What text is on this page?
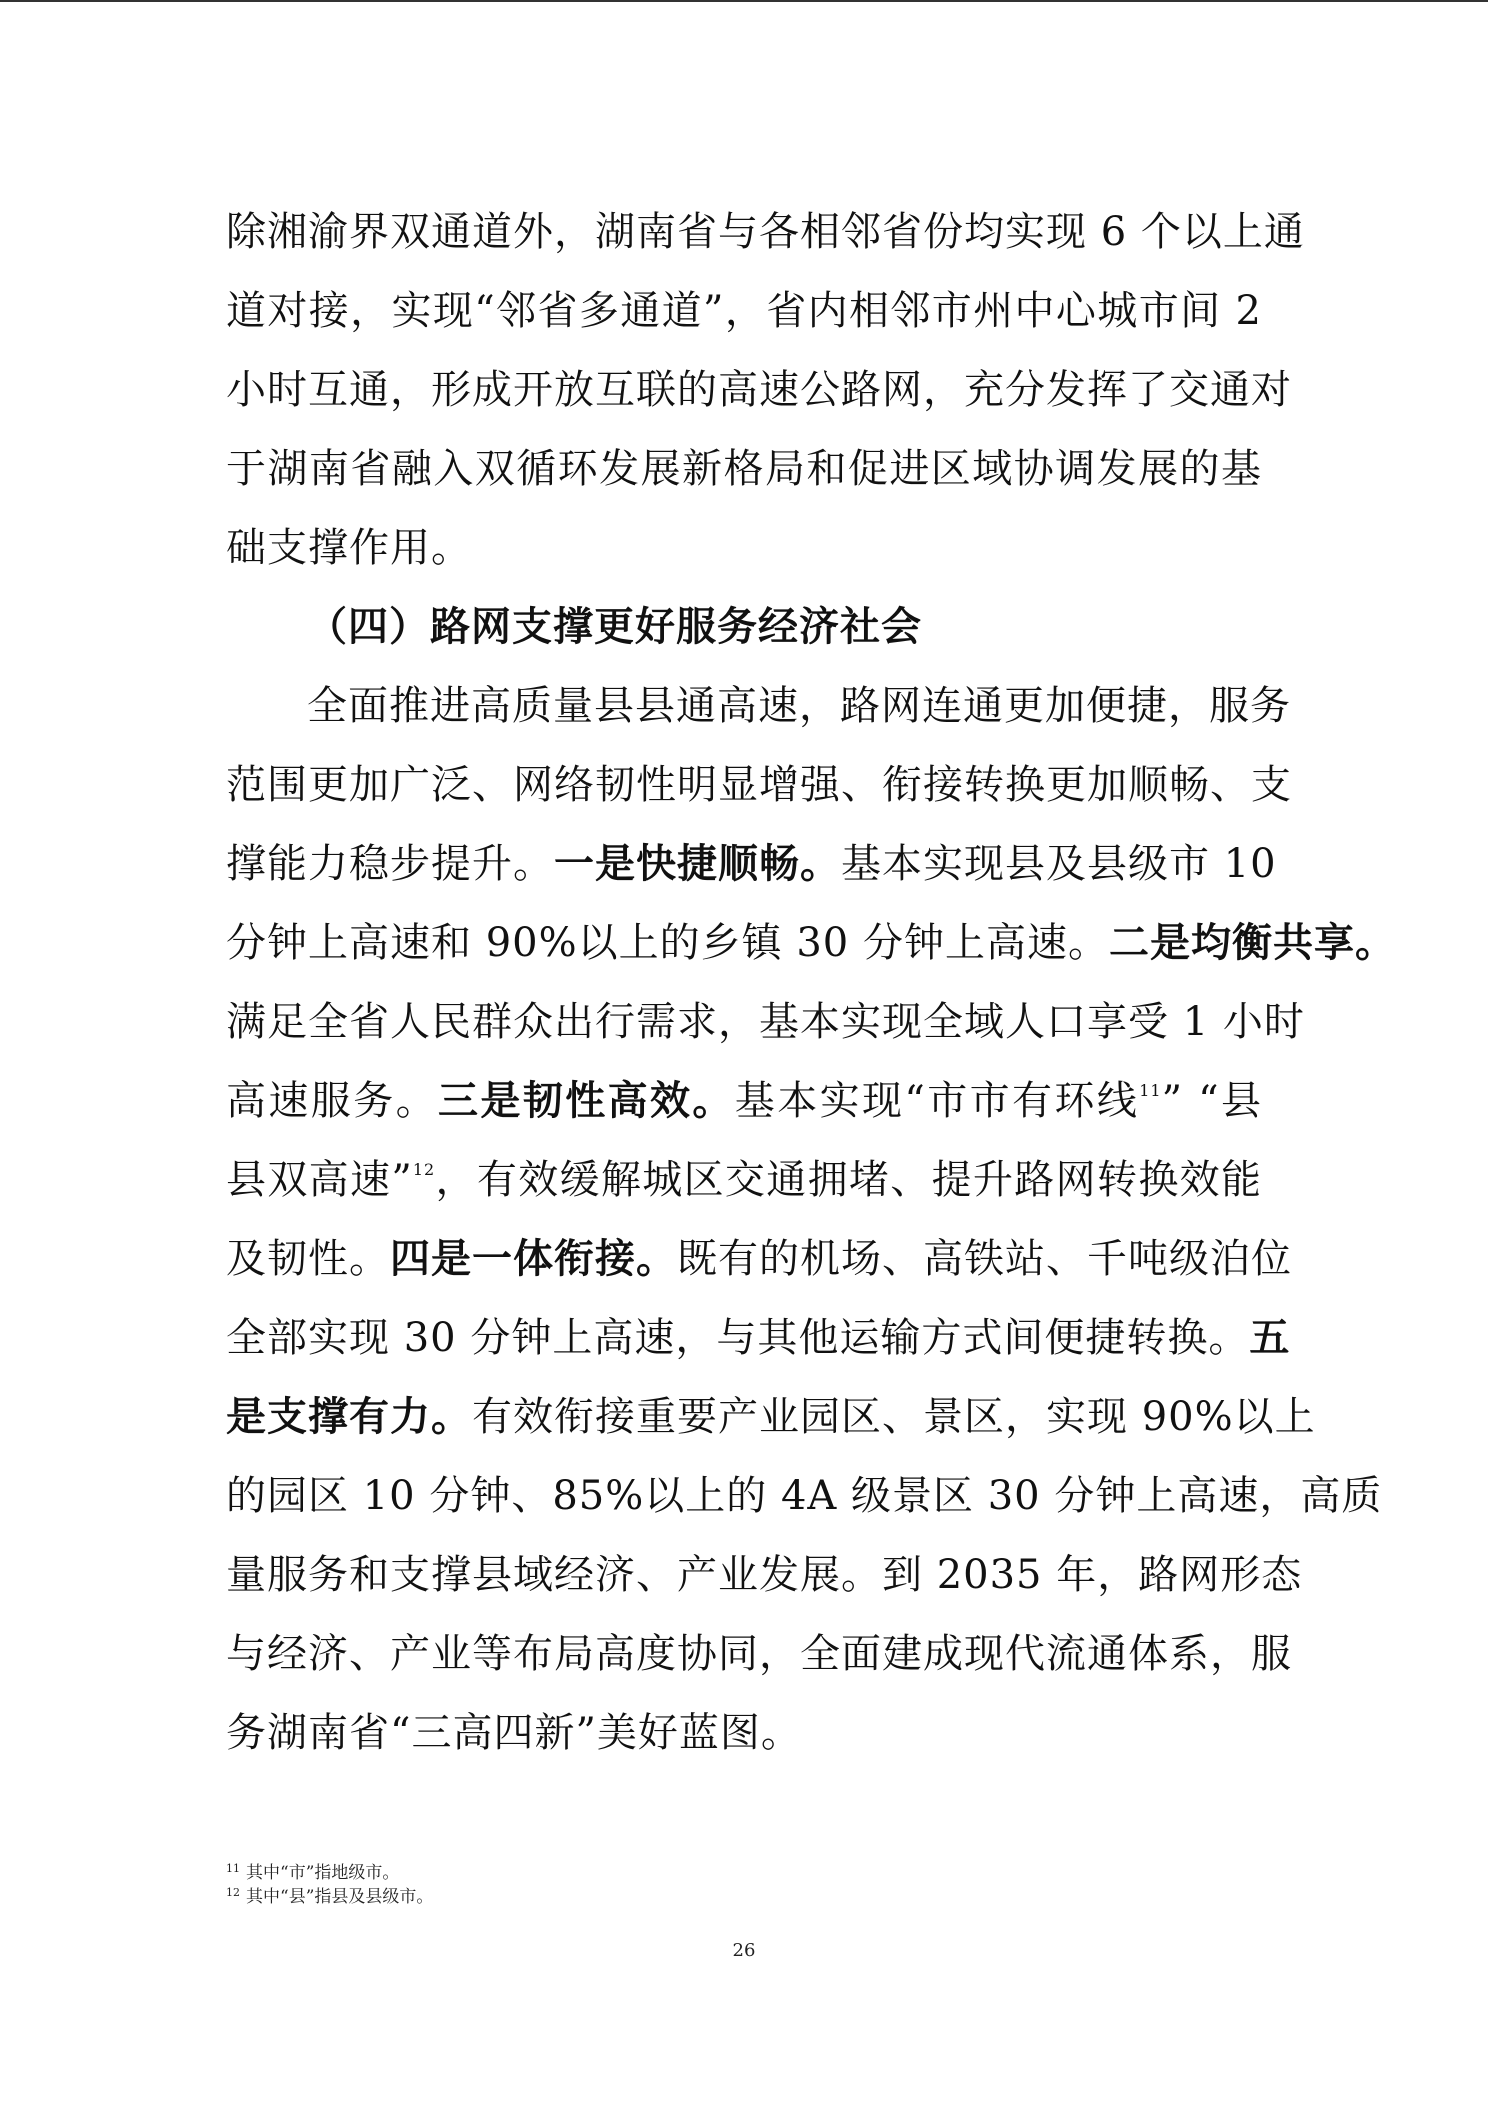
除湘渝界双通道外，湖南省与各相邻省份均实现 6 个以上通
道对接，实现“邻省多通道”，省内相邻市州中心城市间 2
小时互通，形成开放互联的高速公路网，充分发挥了交通对
于湖南省融入双循环发展新格局和促进区域协调发展的基
础支撑作用。
（四）路网支撑更好服务经济社会
全面推进高质量县县通高速，路网连通更加便捷，服务
范围更加广泛、网络韧性明显增强、衔接转换更加顺畅、支
撑能力稳步提升。一是快捷顺畅。基本实现县及县级市 10
分钟上高速和 90%以上的乡镇 30 分钟上高速。二是均衡共享。
满足全省人民群众出行需求，基本实现全域人口享受 1 小时
高速服务。三是韧性高效。基本实现“市市有环线$^{11}$” “县
县双高速”$^{12}$，有效缓解城区交通拥堵、提升路网转换效能
及韧性。四是一体衔接。既有的机场、高铁站、千吨级泊位
全部实现 30 分钟上高速，与其他运输方式间便捷转换。五
是支撑有力。有效衔接重要产业园区、景区，实现 90%以上
的园区 10 分钟、85%以上的 4A 级景区 30 分钟上高速，高质
量服务和支撑县域经济、产业发展。到 2035 年，路网形态
与经济、产业等布局高度协同，全面建成现代流通体系，服
务湖南省“三高四新”美好蓝图。
$^{11}$ 其中“市”指地级市。
$^{12}$ 其中“县”指县及县级市。
26
